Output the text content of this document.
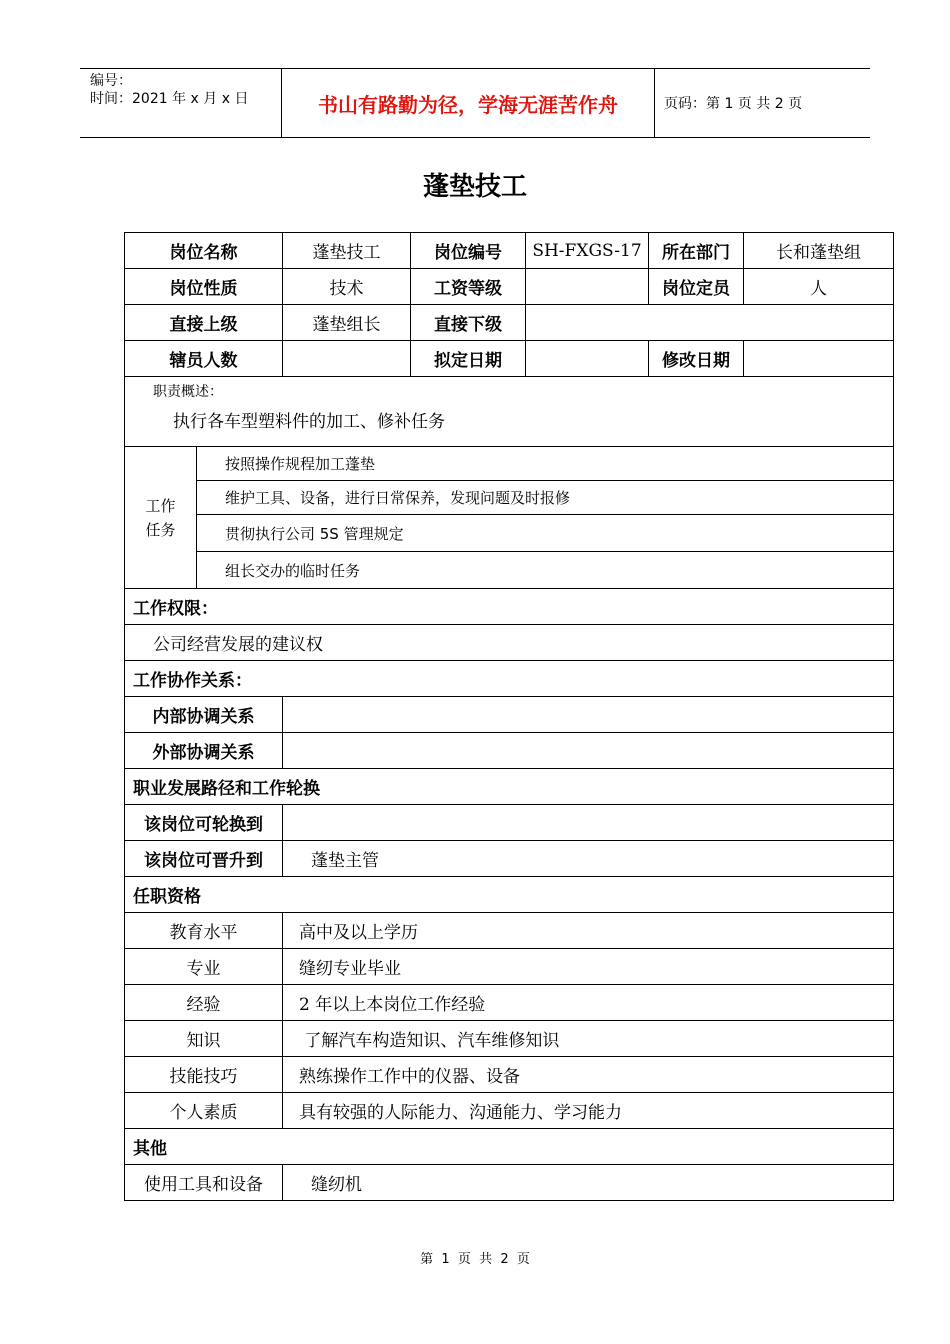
编号：
时间：2021 年 x 月 x 日	书山有路勤为径，学海无涯苦作舟	页码：第 1 页 共 2 页
蓬垫技工
岗位名称		蓬垫技工	岗位编号	SH-FXGS-17	所在部门	长和蓬垫组
岗位性质		技术	工资等级		岗位定员	人
直接上级		蓬垫组长	直接下级			
辖员人数			拟定日期		修改日期	

职责概述：
执行各车型塑料件的加工、修补任务						

工作
任务	按照操作规程加工蓬垫					
	维护工具、设备，进行日常保养，发现问题及时报修					
	贯彻执行公司 5S 管理规定					
	组长交办的临时任务					
工作权限：						
公司经营发展的建议权						
工作协作关系：						
内部协调关系						
外部协调关系						
职业发展路径和工作轮换						
该岗位可轮换到						
该岗位可晋升到		蓬垫主管				
任职资格						
教育水平		高中及以上学历				
专业		缝纫专业毕业				
经验		2 年以上本岗位工作经验				
知识		了解汽车构造知识、汽车维修知识				
技能技巧		熟练操作工作中的仪器、设备				
个人素质		具有较强的人际能力、沟通能力、学习能力				
其他						
使用工具和设备		缝纫机				
第  1  页  共  2  页
